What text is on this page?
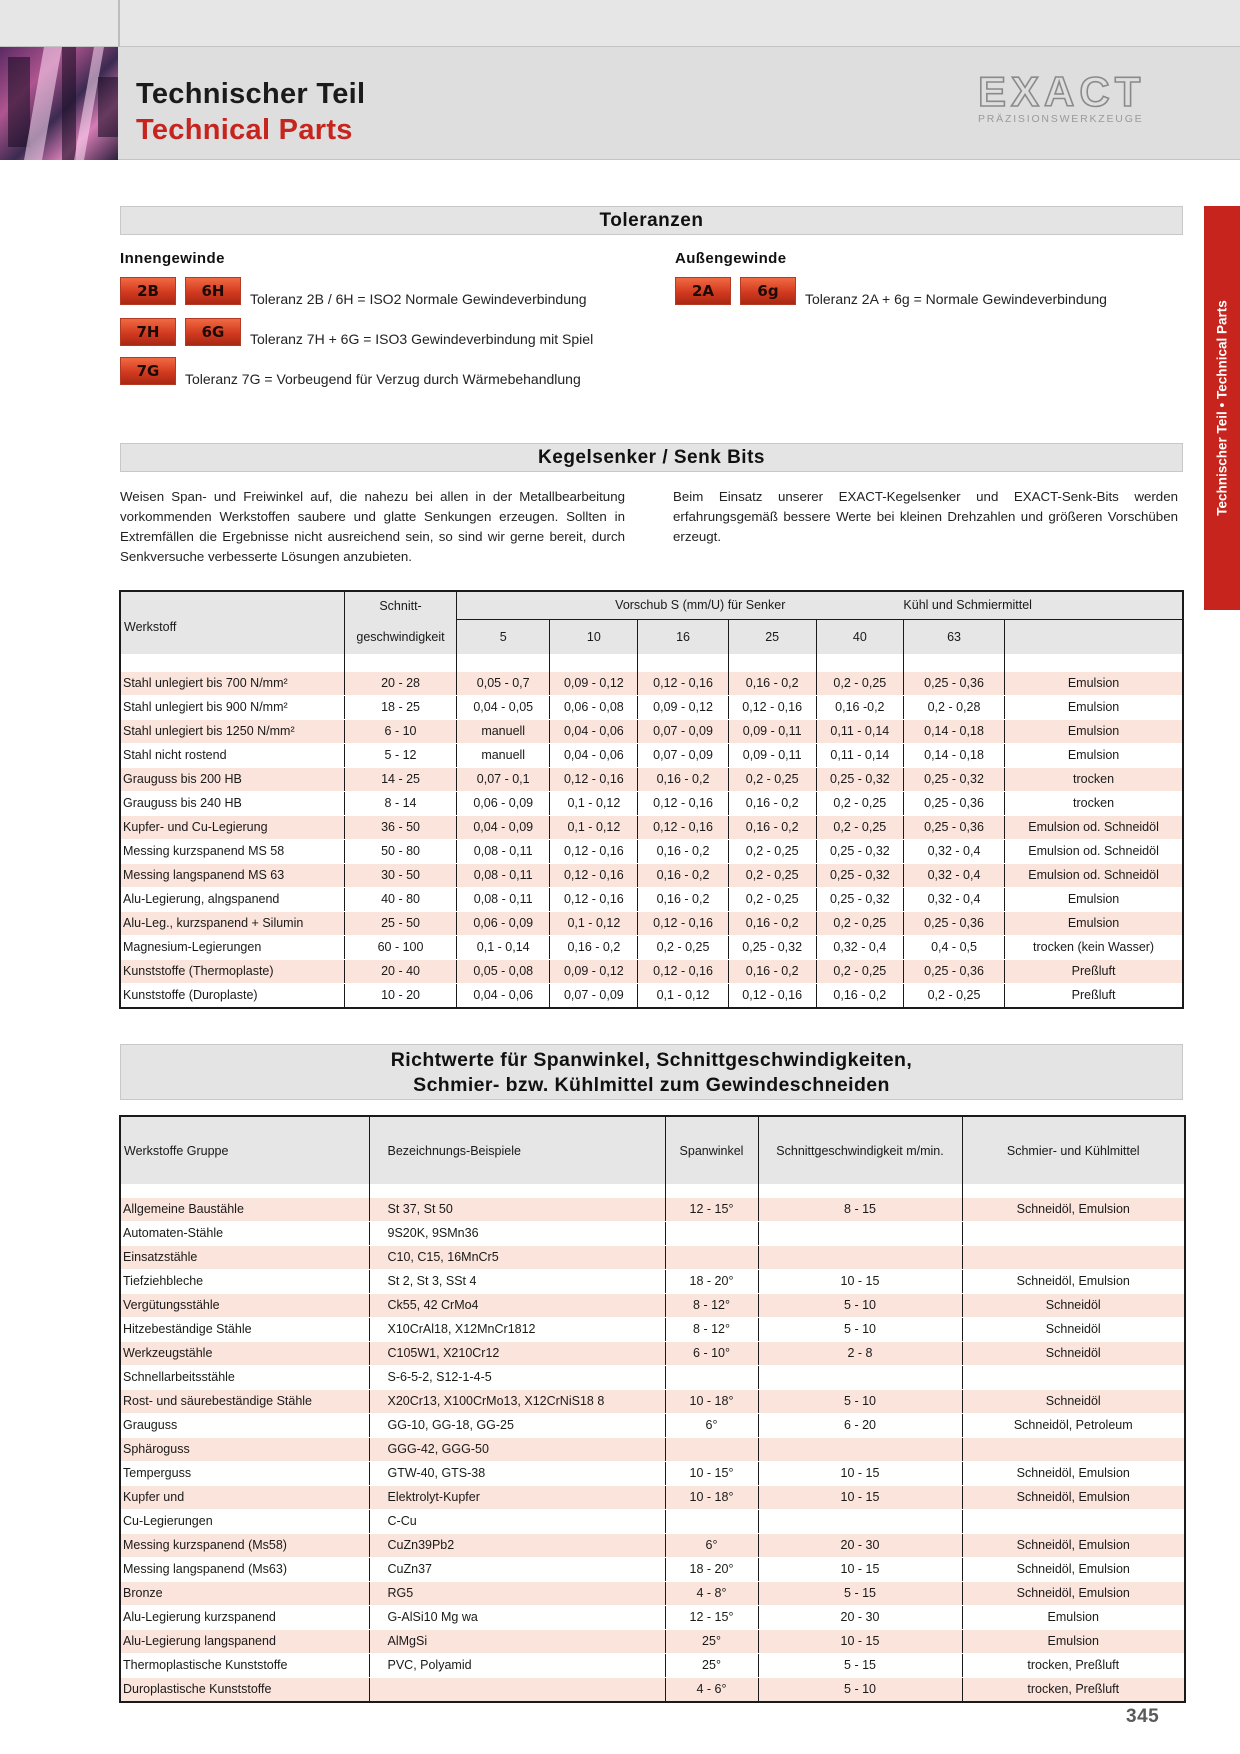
Technischer Teil
Technical Parts
EXACT
PRÄZISIONSWERKZEUGE
Technischer Teil • Technical Parts
Toleranzen
Innengewinde
2B	6H	Toleranz 2B / 6H = ISO2 Normale Gewindeverbindung
7H	6G	Toleranz 7H + 6G = ISO3 Gewindeverbindung mit Spiel
7G	Toleranz 7G = Vorbeugend für Verzug durch Wärmebehandlung
Außengewinde
2A	6g	Toleranz 2A + 6g = Normale Gewindeverbindung
Kegelsenker / Senk Bits
Weisen Span- und Freiwinkel auf, die nahezu bei allen in der Metallbearbeitung vorkommenden Werkstoffen saubere und glatte Senkungen erzeugen. Sollten in Extremfällen die Ergebnisse nicht ausreichend sein, so sind wir gerne bereit, durch Senkversuche verbesserte Lösungen anzubieten.
Beim Einsatz unserer EXACT-Kegelsenker und EXACT-Senk-Bits werden erfahrungsgemäß bessere Werte bei kleinen Drehzahlen und größeren Vorschüben erzeugt.
Werkstoff	Schnitt-	Vorschub S (mm/U) für Senker					Kühl und Schmiermittel	
	geschwindigkeit	5	10	16	25	40	63	

Stahl unlegiert bis 700 N/mm²	20 - 28	0,05 - 0,7	0,09 - 0,12	0,12 - 0,16	0,16 - 0,2	0,2 - 0,25	0,25 - 0,36	Emulsion
Stahl unlegiert bis 900 N/mm²	18 - 25	0,04 - 0,05	0,06 - 0,08	0,09 - 0,12	0,12 - 0,16	0,16 -0,2	0,2 - 0,28	Emulsion
Stahl unlegiert bis 1250 N/mm²	6 - 10	manuell	0,04 - 0,06	0,07 - 0,09	0,09 - 0,11	0,11 - 0,14	0,14 - 0,18	Emulsion
Stahl nicht rostend	5 - 12	manuell	0,04 - 0,06	0,07 - 0,09	0,09 - 0,11	0,11 - 0,14	0,14 - 0,18	Emulsion
Grauguss bis 200 HB	14 - 25	0,07 - 0,1	0,12 - 0,16	0,16 - 0,2	0,2 - 0,25	0,25 - 0,32	0,25 - 0,32	trocken
Grauguss bis 240 HB	8 - 14	0,06 - 0,09	0,1 - 0,12	0,12 - 0,16	0,16 - 0,2	0,2 - 0,25	0,25 - 0,36	trocken
Kupfer- und Cu-Legierung	36 - 50	0,04 - 0,09	0,1 - 0,12	0,12 - 0,16	0,16 - 0,2	0,2 - 0,25	0,25 - 0,36	Emulsion od. Schneidöl
Messing kurzspanend MS 58	50 - 80	0,08 - 0,11	0,12 - 0,16	0,16 - 0,2	0,2 - 0,25	0,25 - 0,32	0,32 - 0,4	Emulsion od. Schneidöl
Messing langspanend MS 63	30 - 50	0,08 - 0,11	0,12 - 0,16	0,16 - 0,2	0,2 - 0,25	0,25 - 0,32	0,32 - 0,4	Emulsion od. Schneidöl
Alu-Legierung, alngspanend	40 - 80	0,08 - 0,11	0,12 - 0,16	0,16 - 0,2	0,2 - 0,25	0,25 - 0,32	0,32 - 0,4	Emulsion
Alu-Leg., kurzspanend + Silumin	25 - 50	0,06 - 0,09	0,1 - 0,12	0,12 - 0,16	0,16 - 0,2	0,2 - 0,25	0,25 - 0,36	Emulsion
Magnesium-Legierungen	60 - 100	0,1 - 0,14	0,16 - 0,2	0,2 - 0,25	0,25 - 0,32	0,32 - 0,4	0,4 - 0,5	trocken (kein Wasser)
Kunststoffe (Thermoplaste)	20 - 40	0,05 - 0,08	0,09 - 0,12	0,12 - 0,16	0,16 - 0,2	0,2 - 0,25	0,25 - 0,36	Preßluft
Kunststoffe (Duroplaste)	10 - 20	0,04 - 0,06	0,07 - 0,09	0,1 - 0,12	0,12 - 0,16	0,16 - 0,2	0,2 - 0,25	Preßluft
Richtwerte für Spanwinkel, Schnittgeschwindigkeiten,
Schmier- bzw. Kühlmittel zum Gewindeschneiden
Werkstoffe Gruppe	Bezeichnungs-Beispiele	Spanwinkel	Schnittgeschwindigkeit m/min.	Schmier- und Kühlmittel

Allgemeine Baustähle	St 37, St 50	12 - 15°	8 - 15	Schneidöl, Emulsion
Automaten-Stähle	9S20K, 9SMn36			
Einsatzstähle	C10, C15, 16MnCr5			
Tiefziehbleche	St 2, St 3, SSt 4	18 - 20°	10 - 15	Schneidöl, Emulsion
Vergütungsstähle	Ck55, 42 CrMo4	8 - 12°	5 - 10	Schneidöl
Hitzebeständige Stähle	X10CrAl18, X12MnCr1812	8 - 12°	5 - 10	Schneidöl
Werkzeugstähle	C105W1, X210Cr12	6 - 10°	2 - 8	Schneidöl
Schnellarbeitsstähle	S-6-5-2, S12-1-4-5			
Rost- und säurebeständige Stähle	X20Cr13, X100CrMo13, X12CrNiS18 8	10 - 18°	5 - 10	Schneidöl
Grauguss	GG-10, GG-18, GG-25	6°	6 - 20	Schneidöl, Petroleum
Sphäroguss	GGG-42, GGG-50			
Temperguss	GTW-40, GTS-38	10 - 15°	10 - 15	Schneidöl, Emulsion
Kupfer und	Elektrolyt-Kupfer	10 - 18°	10 - 15	Schneidöl, Emulsion
Cu-Legierungen	C-Cu			
Messing kurzspanend (Ms58)	CuZn39Pb2	6°	20 - 30	Schneidöl, Emulsion
Messing langspanend (Ms63)	CuZn37	18 - 20°	10 - 15	Schneidöl, Emulsion
Bronze	RG5	4 - 8°	5 - 15	Schneidöl, Emulsion
Alu-Legierung kurzspanend	G-AlSi10 Mg wa	12 - 15°	20 - 30	Emulsion
Alu-Legierung langspanend	AlMgSi	25°	10 - 15	Emulsion
Thermoplastische Kunststoffe	PVC, Polyamid	25°	5 - 15	trocken, Preßluft
Duroplastische Kunststoffe		4 - 6°	5 - 10	trocken, Preßluft
345
